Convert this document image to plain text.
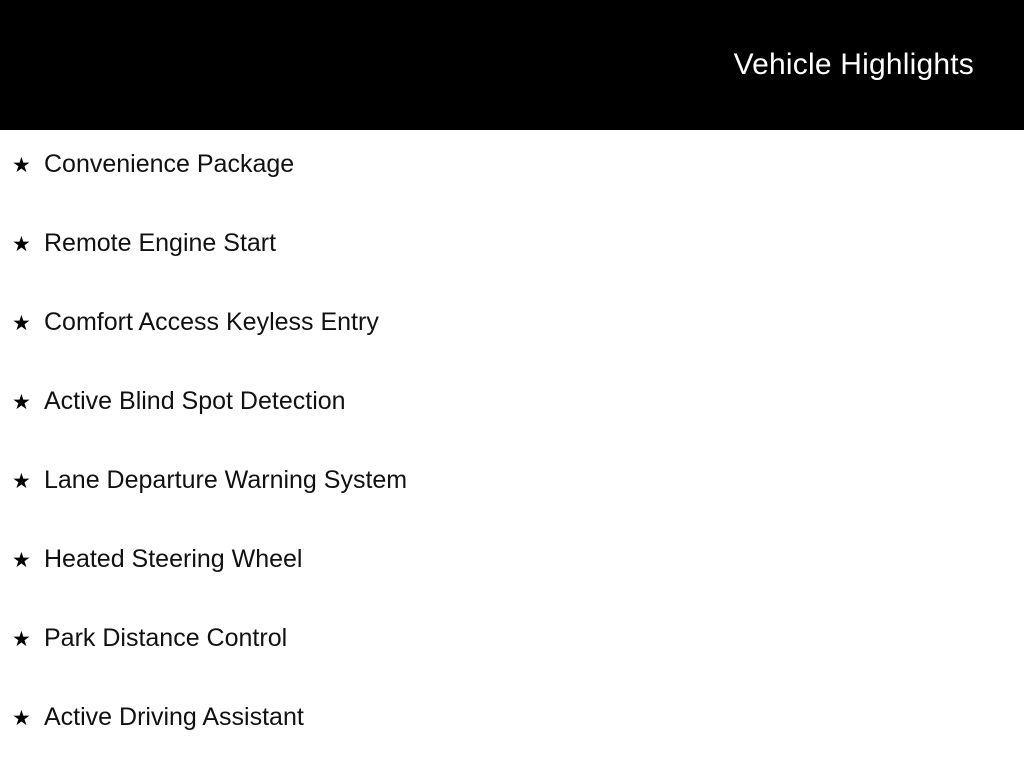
Vehicle Highlights
★ Convenience Package
★ Remote Engine Start
★ Comfort Access Keyless Entry
★ Active Blind Spot Detection
★ Lane Departure Warning System
★ Heated Steering Wheel
★ Park Distance Control
★ Active Driving Assistant
